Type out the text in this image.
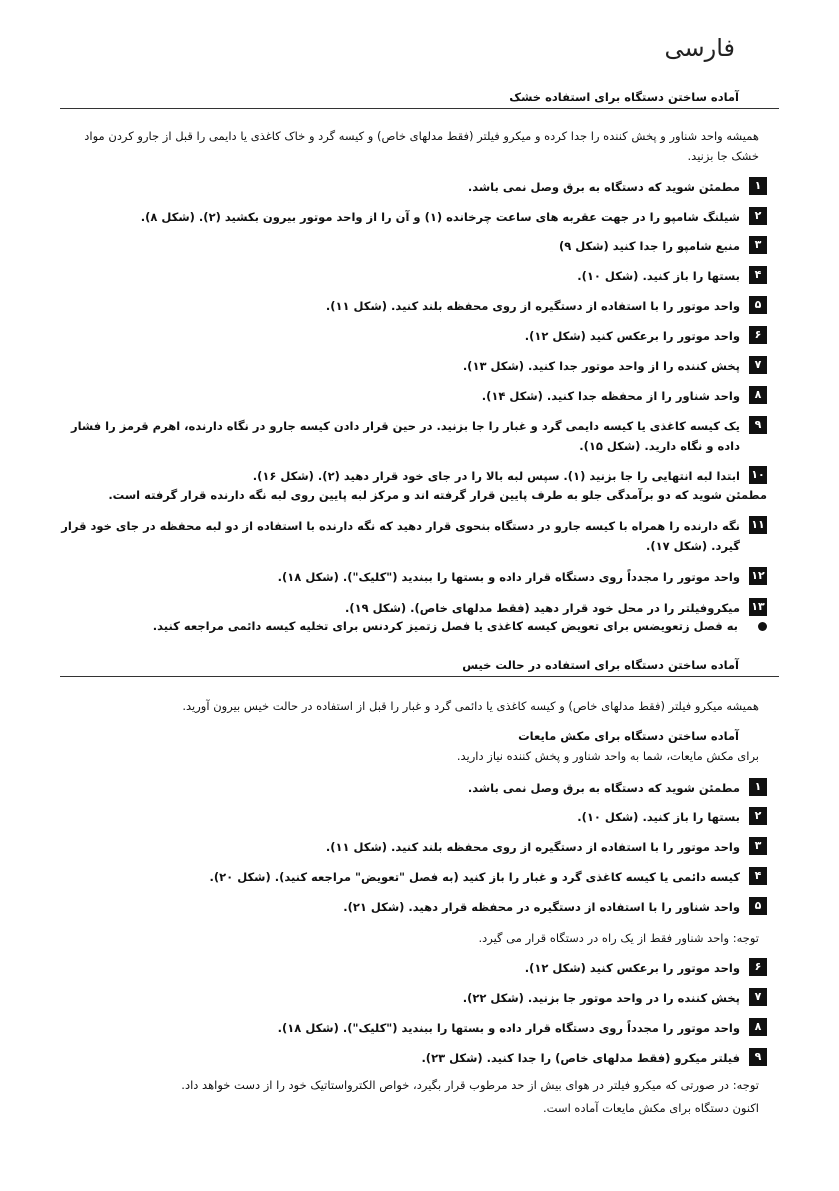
فارسی
آماده ساختن دستگاه برای استفاده خشک

همیشه واحد شناور و پخش کننده را جدا کرده و میکرو فیلتر (فقط مدلهای خاص) و کیسه گرد و خاک کاغذی یا دایمی را قبل از جارو کردن مواد خشک جا بزنید.

۱
مطمئن شوید که دستگاه به برق وصل نمی باشد.
۲
شیلنگ شامپو را در جهت عقربه های ساعت چرخانده (۱) و آن را از واحد موتور بیرون بکشید (۲). (شکل ۸).
۳
منبع شامپو را جدا کنید (شکل ۹)
۴
بستها را باز کنید. (شکل ۱۰).
۵
واحد موتور را با استفاده از دستگیره از روی محفظه بلند کنید. (شکل ۱۱).
۶
واحد موتور را برعکس کنید (شکل ۱۲).
۷
پخش کننده را از واحد موتور جدا کنید. (شکل ۱۳).
۸
واحد شناور را از محفظه جدا کنید. (شکل ۱۴).
۹
یک کیسه کاغذی یا کیسه دایمی گرد و غبار را جا بزنید. در حین قرار دادن کیسه جارو در نگاه دارنده، اهرم قرمز را فشار داده و نگاه دارید. (شکل ۱۵).
۱۰
ابتدا لبه انتهایی را جا بزنید (۱). سپس لبه بالا را در جای خود قرار دهید (۲). (شکل ۱۶).
مطمئن شوید که دو برآمدگی جلو به طرف پایین قرار گرفته اند و مرکز لبه پایین روی لبه نگه دارنده قرار گرفته است.
۱۱
نگه دارنده را همراه با کیسه جارو در دستگاه بنحوی قرار دهید که نگه دارنده با استفاده از دو لبه محفظه در جای خود قرار گیرد. (شکل ۱۷).
۱۲
واحد موتور را مجدداً روی دستگاه قرار داده و بستها را ببندید ("کلیک"). (شکل ۱۸).
۱۳
میکروفیلتر را در محل خود قرار دهید (فقط مدلهای خاص). (شکل ۱۹).
به فصل زتعویضس برای تعویض کیسه کاغذی یا فصل زتمیز کردنس برای تخلیه کیسه دائمی مراجعه کنید.
آماده ساختن دستگاه برای استفاده در حالت خیس

همیشه میکرو فیلتر (فقط مدلهای خاص) و کیسه کاغذی یا دائمی گرد و غبار را قبل از استفاده در حالت خیس بیرون آورید.

آماده ساختن دستگاه برای مکش مایعات
برای مکش مایعات، شما به واحد شناور و پخش کننده نیاز دارید.
۱
مطمئن شوید که دستگاه به برق وصل نمی باشد.
۲
بستها را باز کنید. (شکل ۱۰).
۳
واحد موتور را با استفاده از دستگیره از روی محفظه بلند کنید. (شکل ۱۱).
۴
کیسه دائمی یا کیسه کاغذی گرد و غبار را باز کنید (به فصل "تعویض" مراجعه کنید). (شکل ۲۰).
۵
واحد شناور را با استفاده از دستگیره در محفظه قرار دهید. (شکل ۲۱).
توجه: واحد شناور فقط از یک راه در دستگاه قرار می گیرد.
۶
واحد موتور را برعکس کنید (شکل ۱۲).
۷
پخش کننده را در واحد موتور جا بزنید. (شکل ۲۲).
۸
واحد موتور را مجدداً روی دستگاه قرار داده و بستها را ببندید ("کلیک"). (شکل ۱۸).
۹
فیلتر میکرو (فقط مدلهای خاص) را جدا کنید. (شکل ۲۳).
توجه: در صورتی که میکرو فیلتر در هوای بیش از حد مرطوب قرار بگیرد، خواص الکترواستاتیک خود را از دست خواهد داد.
اکنون دستگاه برای مکش مایعات آماده است.
